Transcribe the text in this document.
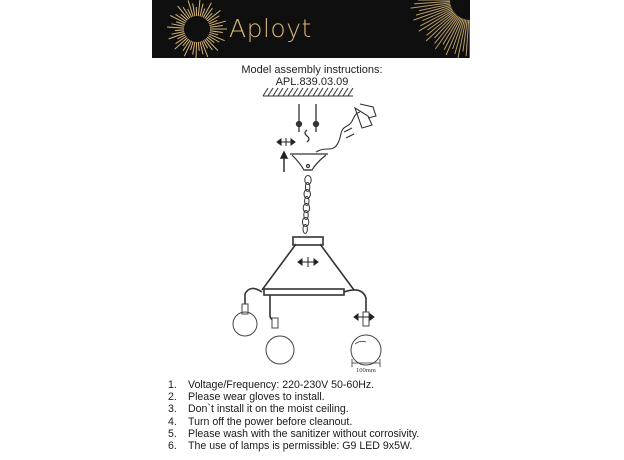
Aployt
Model assembly instructions:
APL.839.03.09
100mm
1. Voltage/Frequency: 220-230V 50-60Hz.
2. Please wear gloves to install.
3. Don`t install it on the moist ceiling.
4. Turn off the power before cleanout.
5. Please wash with the sanitizer without corrosivity.
6. The use of lamps is permissible: G9 LED 9x5W.
